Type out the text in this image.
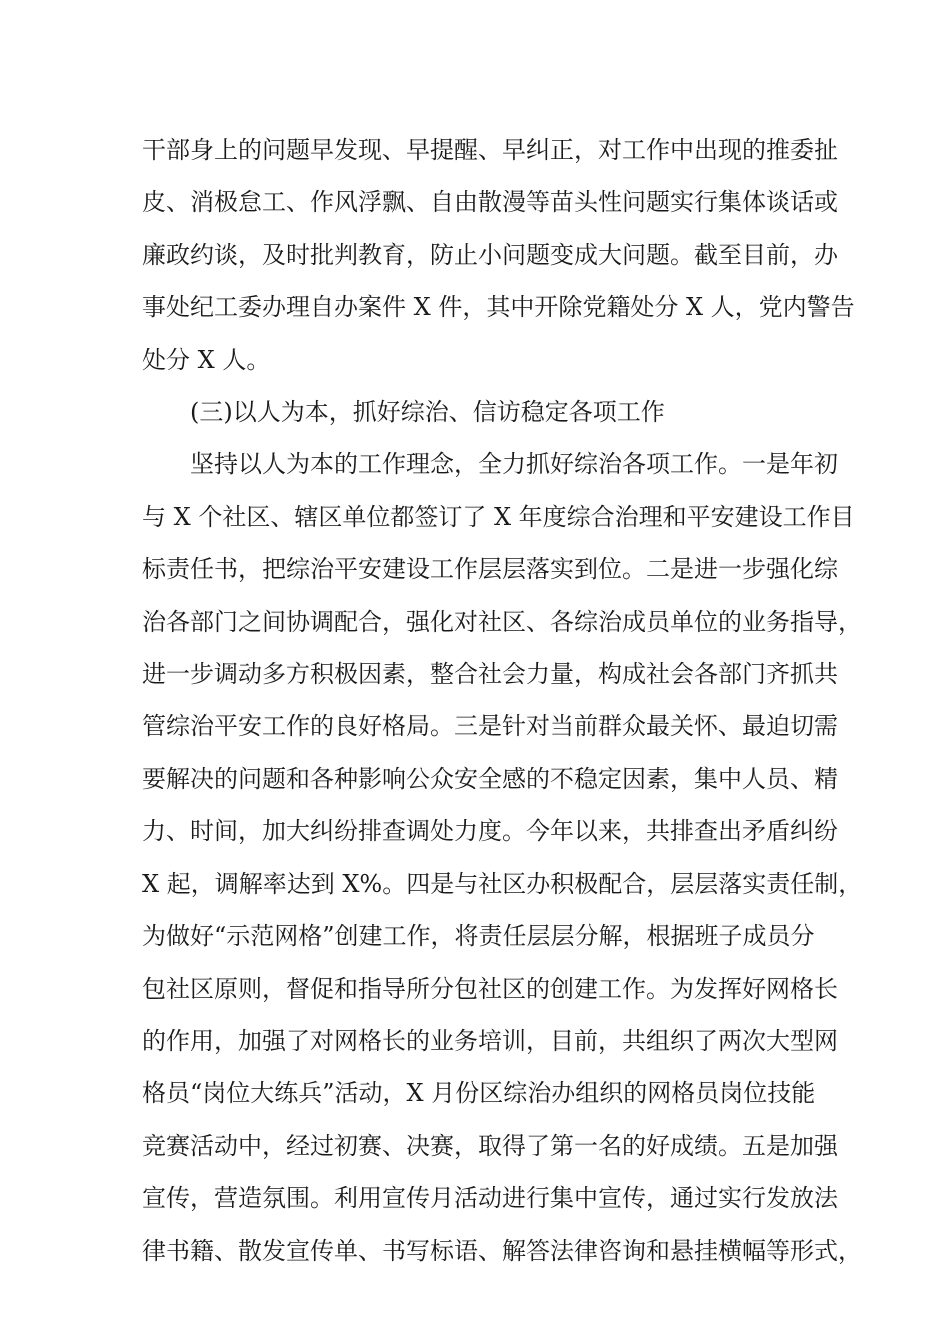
干部身上的问题早发现、早提醒、早纠正，对工作中出现的推委扯
皮、消极怠工、作风浮飘、自由散漫等苗头性问题实行集体谈话或
廉政约谈，及时批判教育，防止小问题变成大问题。截至目前，办
事处纪工委办理自办案件 X 件，其中开除党籍处分 X 人，党内警告
处分 X 人。

(三)以人为本，抓好综治、信访稳定各项工作

坚持以人为本的工作理念，全力抓好综治各项工作。一是年初
与 X 个社区、辖区单位都签订了 X 年度综合治理和平安建设工作目
标责任书，把综治平安建设工作层层落实到位。二是进一步强化综
治各部门之间协调配合，强化对社区、各综治成员单位的业务指导，
进一步调动多方积极因素，整合社会力量，构成社会各部门齐抓共
管综治平安工作的良好格局。三是针对当前群众最关怀、最迫切需
要解决的问题和各种影响公众安全感的不稳定因素，集中人员、精
力、时间，加大纠纷排查调处力度。今年以来，共排查出矛盾纠纷
X 起，调解率达到 X%。四是与社区办积极配合，层层落实责任制，
为做好“示范网格”创建工作，将责任层层分解，根据班子成员分
包社区原则，督促和指导所分包社区的创建工作。为发挥好网格长
的作用，加强了对网格长的业务培训，目前，共组织了两次大型网
格员“岗位大练兵”活动，X 月份区综治办组织的网格员岗位技能
竞赛活动中，经过初赛、决赛，取得了第一名的好成绩。五是加强
宣传，营造氛围。利用宣传月活动进行集中宣传，通过实行发放法
律书籍、散发宣传单、书写标语、解答法律咨询和悬挂横幅等形式，
